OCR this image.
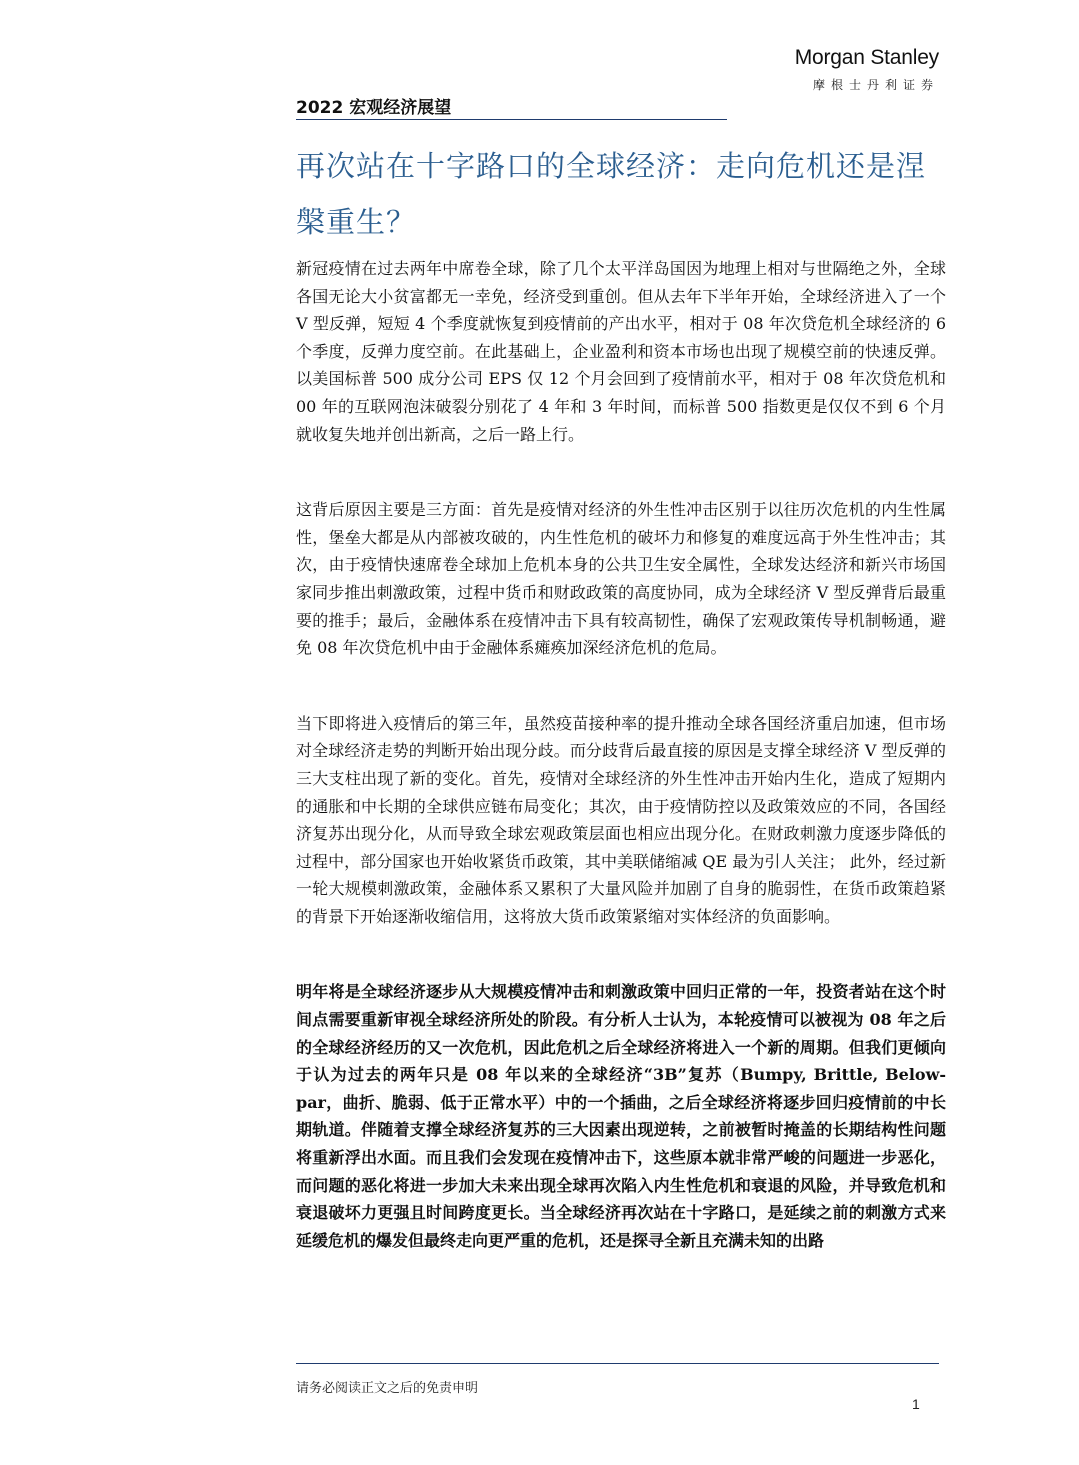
Morgan Stanley
摩根士丹利证券
2022 宏观经济展望
再次站在十字路口的全球经济：走向危机还是涅槃重生？

新冠疫情在过去两年中席卷全球，除了几个太平洋岛国因为地理上相对与世隔绝之外，全球各国无论大小贫富都无一幸免，经济受到重创。但从去年下半年开始，全球经济进入了一个 V 型反弹，短短 4 个季度就恢复到疫情前的产出水平，相对于 08 年次贷危机全球经济的 6 个季度，反弹力度空前。在此基础上，企业盈利和资本市场也出现了规模空前的快速反弹。以美国标普 500 成分公司 EPS 仅 12 个月会回到了疫情前水平，相对于 08 年次贷危机和 00 年的互联网泡沫破裂分别花了 4 年和 3 年时间，而标普 500 指数更是仅仅不到 6 个月就收复失地并创出新高，之后一路上行。

这背后原因主要是三方面：首先是疫情对经济的外生性冲击区别于以往历次危机的内生性属性，堡垒大都是从内部被攻破的，内生性危机的破坏力和修复的难度远高于外生性冲击；其次，由于疫情快速席卷全球加上危机本身的公共卫生安全属性，全球发达经济和新兴市场国家同步推出刺激政策，过程中货币和财政政策的高度协同，成为全球经济 V 型反弹背后最重要的推手；最后，金融体系在疫情冲击下具有较高韧性，确保了宏观政策传导机制畅通，避免 08 年次贷危机中由于金融体系瘫痪加深经济危机的危局。

当下即将进入疫情后的第三年，虽然疫苗接种率的提升推动全球各国经济重启加速，但市场对全球经济走势的判断开始出现分歧。而分歧背后最直接的原因是支撑全球经济 V 型反弹的三大支柱出现了新的变化。首先，疫情对全球经济的外生性冲击开始内生化，造成了短期内的通胀和中长期的全球供应链布局变化；其次，由于疫情防控以及政策效应的不同，各国经济复苏出现分化，从而导致全球宏观政策层面也相应出现分化。在财政刺激力度逐步降低的过程中，部分国家也开始收紧货币政策，其中美联储缩减 QE 最为引人关注； 此外，经过新一轮大规模刺激政策，金融体系又累积了大量风险并加剧了自身的脆弱性，在货币政策趋紧的背景下开始逐渐收缩信用，这将放大货币政策紧缩对实体经济的负面影响。

明年将是全球经济逐步从大规模疫情冲击和刺激政策中回归正常的一年，投资者站在这个时间点需要重新审视全球经济所处的阶段。有分析人士认为，本轮疫情可以被视为 08 年之后的全球经济经历的又一次危机，因此危机之后全球经济将进入一个新的周期。但我们更倾向于认为过去的两年只是 08 年以来的全球经济“3B”复苏（Bumpy, Brittle, Below-par，曲折、脆弱、低于正常水平）中的一个插曲，之后全球经济将逐步回归疫情前的中长期轨道。伴随着支撑全球经济复苏的三大因素出现逆转，之前被暂时掩盖的长期结构性问题将重新浮出水面。而且我们会发现在疫情冲击下，这些原本就非常严峻的问题进一步恶化，而问题的恶化将进一步加大未来出现全球再次陷入内生性危机和衰退的风险，并导致危机和衰退破坏力更强且时间跨度更长。当全球经济再次站在十字路口，是延续之前的刺激方式来延缓危机的爆发但最终走向更严重的危机，还是探寻全新且充满未知的出路

请务必阅读正文之后的免责申明
1
